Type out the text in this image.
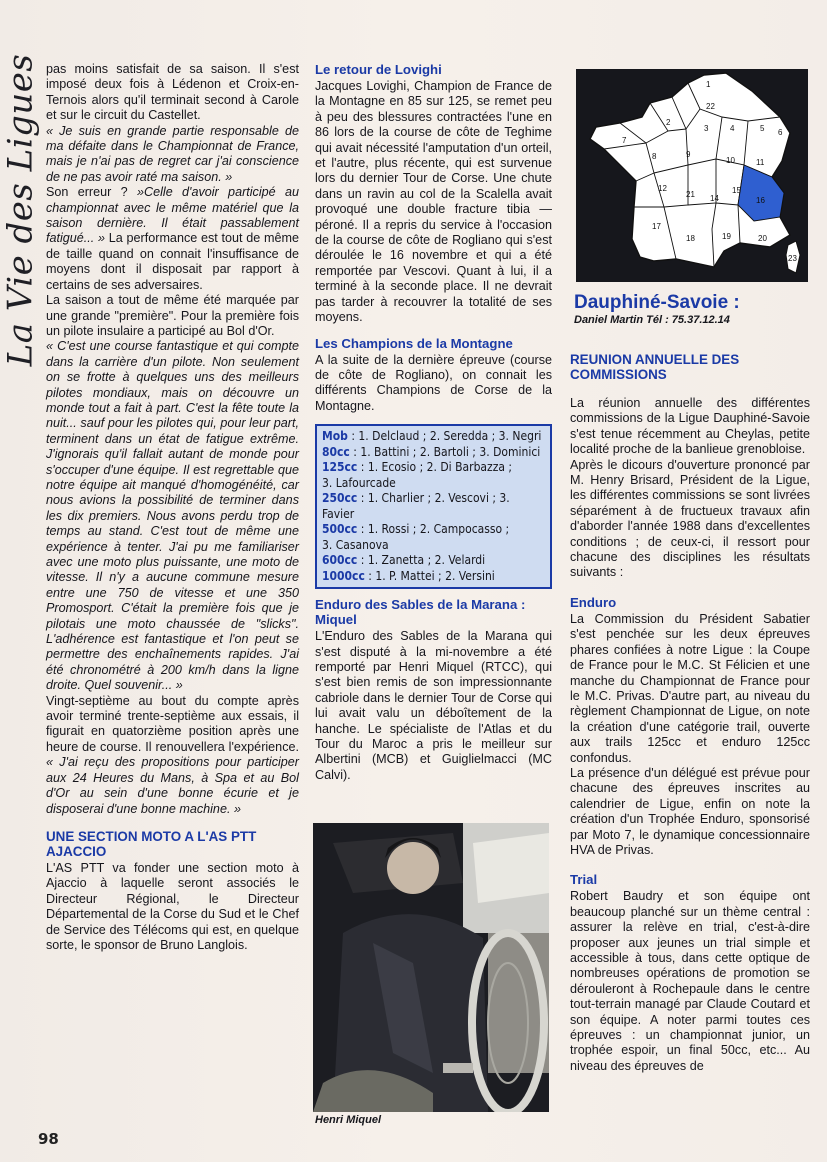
La Vie des Ligues pas moins satisfait de sa saison. Il s'est imposé deux fois à Lédenon et Croix-en-Ternois alors qu'il terminait second à Carole et sur le circuit du Castellet.

« Je suis en grande partie responsable de ma défaite dans le Championnat de France, mais je n'ai pas de regret car j'ai conscience de ne pas avoir raté ma saison. »

Son erreur ? »Celle d'avoir participé au championnat avec le même matériel que la saison dernière. Il était passablement fatigué... » La performance est tout de même de taille quand on connait l'insuffisance de moyens dont il disposait par rapport à certains de ses adversaires.

La saison a tout de même été marquée par une grande "première". Pour la première fois un pilote insulaire a participé au Bol d'Or.

« C'est une course fantastique et qui compte dans la carrière d'un pilote. Non seulement on se frotte à quelques uns des meilleurs pilotes mondiaux, mais on découvre un monde tout a fait à part. C'est la fête toute la nuit... sauf pour les pilotes qui, pour leur part, terminent dans un état de fatigue extrême. J'ignorais qu'il fallait autant de monde pour s'occuper d'une équipe. Il est regrettable que notre équipe ait manqué d'homogénéité, car nous avions la possibilité de terminer dans les dix premiers. Nous avons perdu trop de temps au stand. C'est tout de même une expérience à tenter. J'ai pu me familiariser avec une moto plus puissante, une moto de vitesse. Il n'y a aucune commune mesure entre une 750 de vitesse et une 350 Promosport. C'était la première fois que je pilotais une moto chaussée de "slicks". L'adhérence est fantastique et l'on peut se permettre des enchaînements rapides. J'ai été chronométré à 200 km/h dans la ligne droite. Quel souvenir... »

Vingt-septième au bout du compte après avoir terminé trente-septième aux essais, il figurait en quatorzième position après une heure de course. Il renouvellera l'expérience. « J'ai reçu des propositions pour participer aux 24 Heures du Mans, à Spa et au Bol d'Or au sein d'une bonne écurie et je disposerai d'une bonne machine. »

UNE SECTION MOTO A L'AS PTT AJACCIO

L'AS PTT va fonder une section moto à Ajaccio à laquelle seront associés le Directeur Régional, le Directeur Départemental de la Corse du Sud et le Chef de Service des Télécoms qui est, en quelque sorte, le sponsor de Bruno Langlois.

Le retour de Lovighi

Jacques Lovighi, Champion de France de la Montagne en 85 sur 125, se remet peu à peu des blessures contractées l'une en 86 lors de la course de côte de Teghime qui avait nécessité l'amputation d'un orteil, et l'autre, plus récente, qui est survenue lors du dernier Tour de Corse. Une chute dans un ravin au col de la Scalella avait provoqué une double fracture tibia — péroné. Il a repris du service à l'occasion de la course de côte de Rogliano qui s'est déroulée le 16 novembre et qui a été remportée par Vescovi. Quant à lui, il a terminé à la seconde place. Il ne devrait pas tarder à recouvrer la totalité de ses moyens.

Les Champions de la Montagne

A la suite de la dernière épreuve (course de côte de Rogliano), on connait les différents Champions de Corse de la Montagne.

Mob : 1. Delclaud ; 2. Seredda ; 3. Negri
80cc : 1. Battini ; 2. Bartoli ; 3. Dominici
125cc : 1. Ecosio ; 2. Di Barbazza ;
3. Lafourcade
250cc : 1. Charlier ; 2. Vescovi ; 3. Favier
500cc : 1. Rossi ; 2. Campocasso ;
3. Casanova
600cc : 1. Zanetta ; 2. Velardi
1000cc : 1. P. Mattei ; 2. Versini
Enduro des Sables de la Marana : Miquel

L'Enduro des Sables de la Marana qui s'est disputé à la mi-novembre a été remporté par Henri Miquel (RTCC), qui s'est bien remis de son impressionnante cabriole dans le dernier Tour de Corse qui lui avait valu un déboîtement de la hanche. Le spécialiste de l'Atlas et du Tour du Maroc a pris le meilleur sur Albertini (MCB) et Guiglielmacci (MC Calvi).

Henri Miquel
1
22
2
3	4	5 6
7
8	9
10	11
12
21 14
15
16
17
18	19	20
23
Dauphiné-Savoie :
Daniel Martin Tél : 75.37.12.14
REUNION ANNUELLE DES COMMISSIONS

La réunion annuelle des différentes commissions de la Ligue Dauphiné-Savoie s'est tenue récemment au Cheylas, petite localité proche de la banlieue grenobloise.

Après le dicours d'ouverture prononcé par M. Henry Brisard, Président de la Ligue, les différentes commissions se sont livrées séparément à de fructueux travaux afin d'aborder l'année 1988 dans d'excellentes conditions ; de ceux-ci, il ressort pour chacune des disciplines les résultats suivants :

Enduro

La Commission du Président Sabatier s'est penchée sur les deux épreuves phares confiées à notre Ligue : la Coupe de France pour le M.C. St Félicien et une manche du Championnat de France pour le M.C. Privas. D'autre part, au niveau du règlement Championnat de Ligue, on note la création d'une catégorie trail, ouverte aux trails 125cc et enduro 125cc confondus.

La présence d'un délégué est prévue pour chacune des épreuves inscrites au calendrier de Ligue, enfin on note la création d'un Trophée Enduro, sponsorisé par Moto 7, le dynamique concessionnaire HVA de Privas.

Trial

Robert Baudry et son équipe ont beaucoup planché sur un thème central : assurer la relève en trial, c'est-à-dire proposer aux jeunes un trial simple et accessible à tous, dans cette optique de nombreuses opérations de promotion se dérouleront à Rochepaule dans le centre tout-terrain managé par Claude Coutard et son équipe. A noter parmi toutes ces épreuves : un championnat junior, un trophée espoir, un final 50cc, etc... Au niveau des épreuves de

98
